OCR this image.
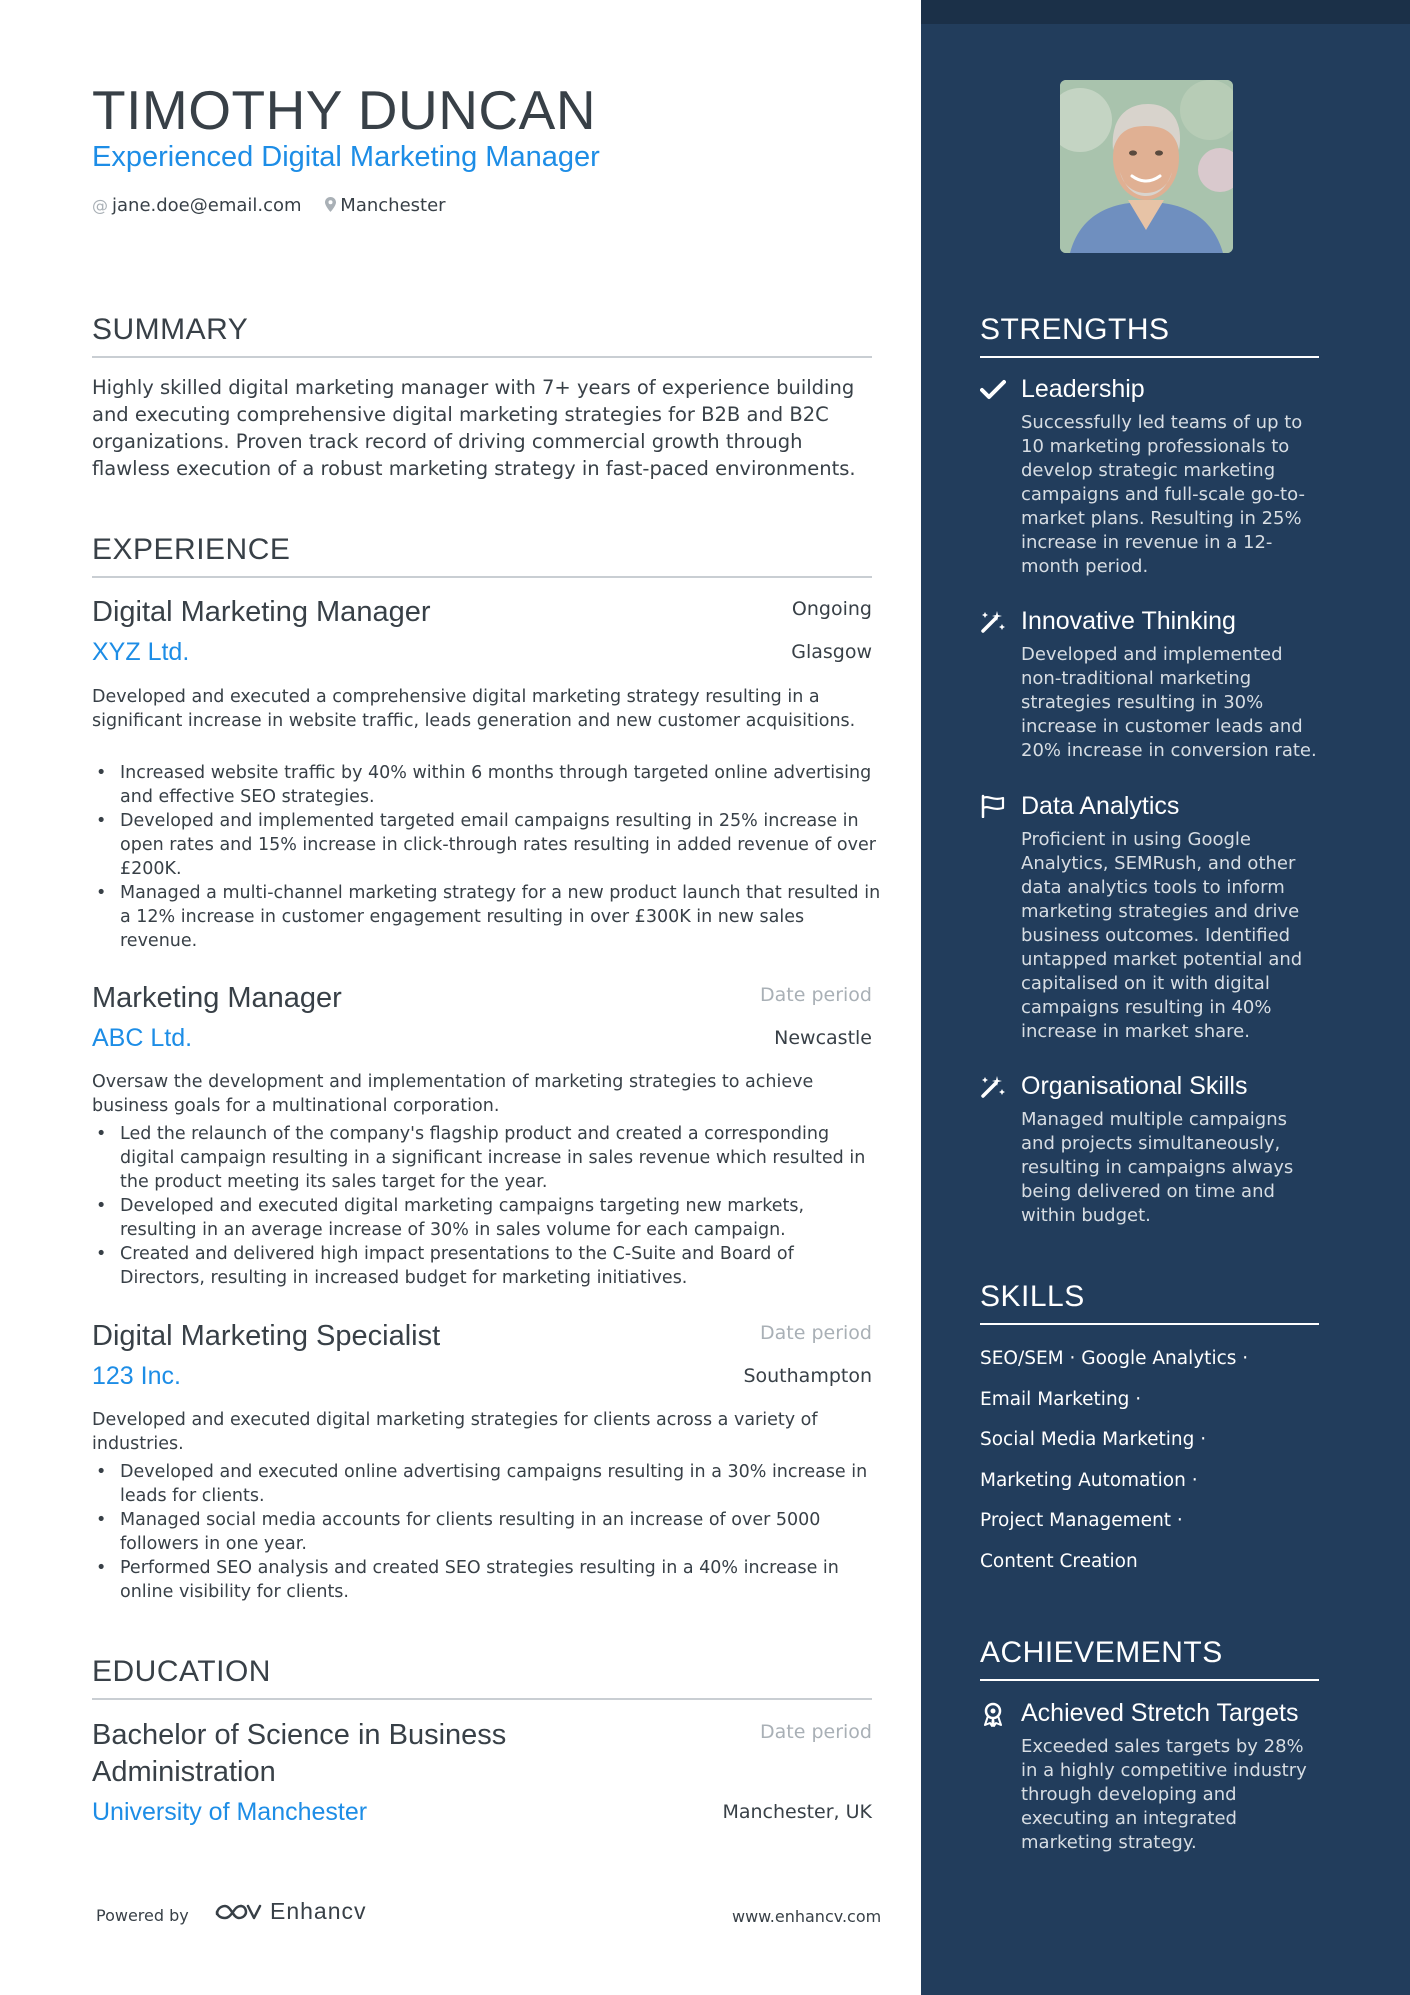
TIMOTHY DUNCAN
Experienced Digital Marketing Manager
@ jane.doe@email.com Manchester
SUMMARY
Highly skilled digital marketing manager with 7+ years of experience building and executing comprehensive digital marketing strategies for B2B and B2C organizations. Proven track record of driving commercial growth through flawless execution of a robust marketing strategy in fast-paced environments.
EXPERIENCE
Digital Marketing Manager	Ongoing
XYZ Ltd.	Glasgow
Developed and executed a comprehensive digital marketing strategy resulting in a significant increase in website traffic, leads generation and new customer acquisitions.
• Increased website traffic by 40% within 6 months through targeted online advertising and effective SEO strategies.
• Developed and implemented targeted email campaigns resulting in 25% increase in open rates and 15% increase in click-through rates resulting in added revenue of over £200K.
• Managed a multi-channel marketing strategy for a new product launch that resulted in a 12% increase in customer engagement resulting in over £300K in new sales revenue.
Marketing Manager	Date period
ABC Ltd.	Newcastle
Oversaw the development and implementation of marketing strategies to achieve business goals for a multinational corporation.
• Led the relaunch of the company's flagship product and created a corresponding digital campaign resulting in a significant increase in sales revenue which resulted in the product meeting its sales target for the year.
• Developed and executed digital marketing campaigns targeting new markets, resulting in an average increase of 30% in sales volume for each campaign.
• Created and delivered high impact presentations to the C-Suite and Board of Directors, resulting in increased budget for marketing initiatives.
Digital Marketing Specialist	Date period
123 Inc.	Southampton
Developed and executed digital marketing strategies for clients across a variety of industries.
• Developed and executed online advertising campaigns resulting in a 30% increase in leads for clients.
• Managed social media accounts for clients resulting in an increase of over 5000 followers in one year.
• Performed SEO analysis and created SEO strategies resulting in a 40% increase in online visibility for clients.
EDUCATION
Bachelor of Science in Business Administration
Date period
University of Manchester	Manchester, UK
Powered by	Enhancv	www.enhancv.com
STRENGTHS
Leadership
Successfully led teams of up to 10 marketing professionals to develop strategic marketing campaigns and full-scale go-to-market plans. Resulting in 25% increase in revenue in a 12-month period.
Innovative Thinking
Developed and implemented non-traditional marketing strategies resulting in 30% increase in customer leads and 20% increase in conversion rate.
Data Analytics
Proficient in using Google Analytics, SEMRush, and other data analytics tools to inform marketing strategies and drive business outcomes. Identified untapped market potential and capitalised on it with digital campaigns resulting in 40% increase in market share.
Organisational Skills
Managed multiple campaigns and projects simultaneously, resulting in campaigns always being delivered on time and within budget.
SKILLS
SEO/SEM · Google Analytics ·
Email Marketing ·
Social Media Marketing ·
Marketing Automation ·
Project Management ·
Content Creation
ACHIEVEMENTS
Achieved Stretch Targets
Exceeded sales targets by 28% in a highly competitive industry through developing and executing an integrated marketing strategy.
